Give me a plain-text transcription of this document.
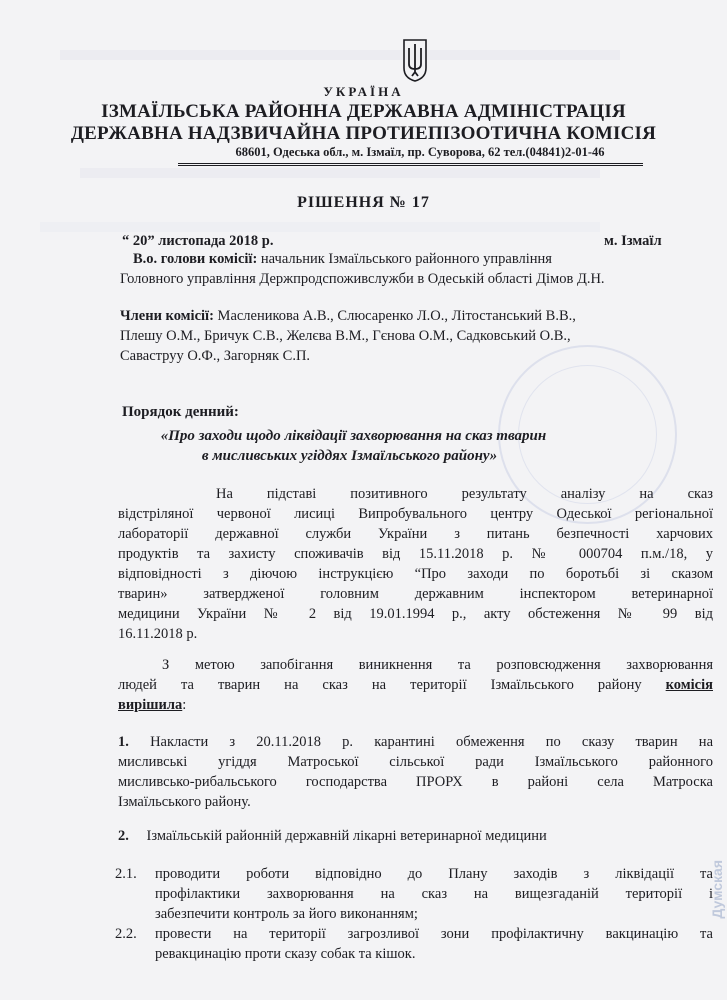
УКРАЇНА

ІЗМАЇЛЬСЬКА РАЙОННА ДЕРЖАВНА АДМІНІСТРАЦІЯ

ДЕРЖАВНА НАДЗВИЧАЙНА ПРОТИЕПІЗООТИЧНА КОМІСІЯ

68601, Одеська обл., м. Ізмаїл, пр. Суворова, 62 тел.(04841)2-01-46

РІШЕННЯ № 17

“ 20” листопада 2018 р.	м. Ізмаїл

В.о. голови комісії: начальник Ізмаїльського районного управління
Головного управління Держпродспоживслужби в Одеській області Дімов Д.Н.
Члени комісії: Масленикова А.В., Слюсаренко Л.О., Літостанський В.В.,
Плешу О.М., Бричук С.В., Желєва В.М., Гєнова О.М., Садковський О.В.,
Саваструу О.Ф., Загорняк С.П.

Порядок денний:

«Про заходи щодо ліквідації захворювання на сказ тварин

в мисливських угіддях Ізмаїльського району»

На підставі позитивного результату аналізу на сказ
відстріляної червоної лисиці Випробувального центру Одеської регіональної
лабораторії державної служби України з питань безпечності харчових
продуктів та захисту споживачів від 15.11.2018 р. № 000704 п.м./18, у
відповідності з діючою інструкцією “Про заходи по боротьбі зі сказом
тварин» затвердженої головним державним інспектором ветеринарної
медицини України № 2 від 19.01.1994 р., акту обстеження № 99 від
16.11.2018 р.
З метою запобігання виникнення та розповсюдження захворювання
людей та тварин на сказ на території Ізмаїльського району комісія
вирішила:
1. Накласти з 20.11.2018 р. карантині обмеження по сказу тварин на
мисливські угіддя Матроської сільської ради Ізмаїльського районного
мисливсько-рибальського господарства ПРОРХ в районі села Матроска
Ізмаїльського району.
2. Ізмаїльській районній державній лікарні ветеринарної медицини
2.1. проводити роботи відповідно до Плану заходів з ліквідації та
профілактики захворювання на сказ на вищезгаданій території і
забезпечити контроль за його виконанням;
2.2. провести на території загрозливої зони профілактичну вакцинацію та
ревакцинацію проти сказу собак та кішок.
Думская
